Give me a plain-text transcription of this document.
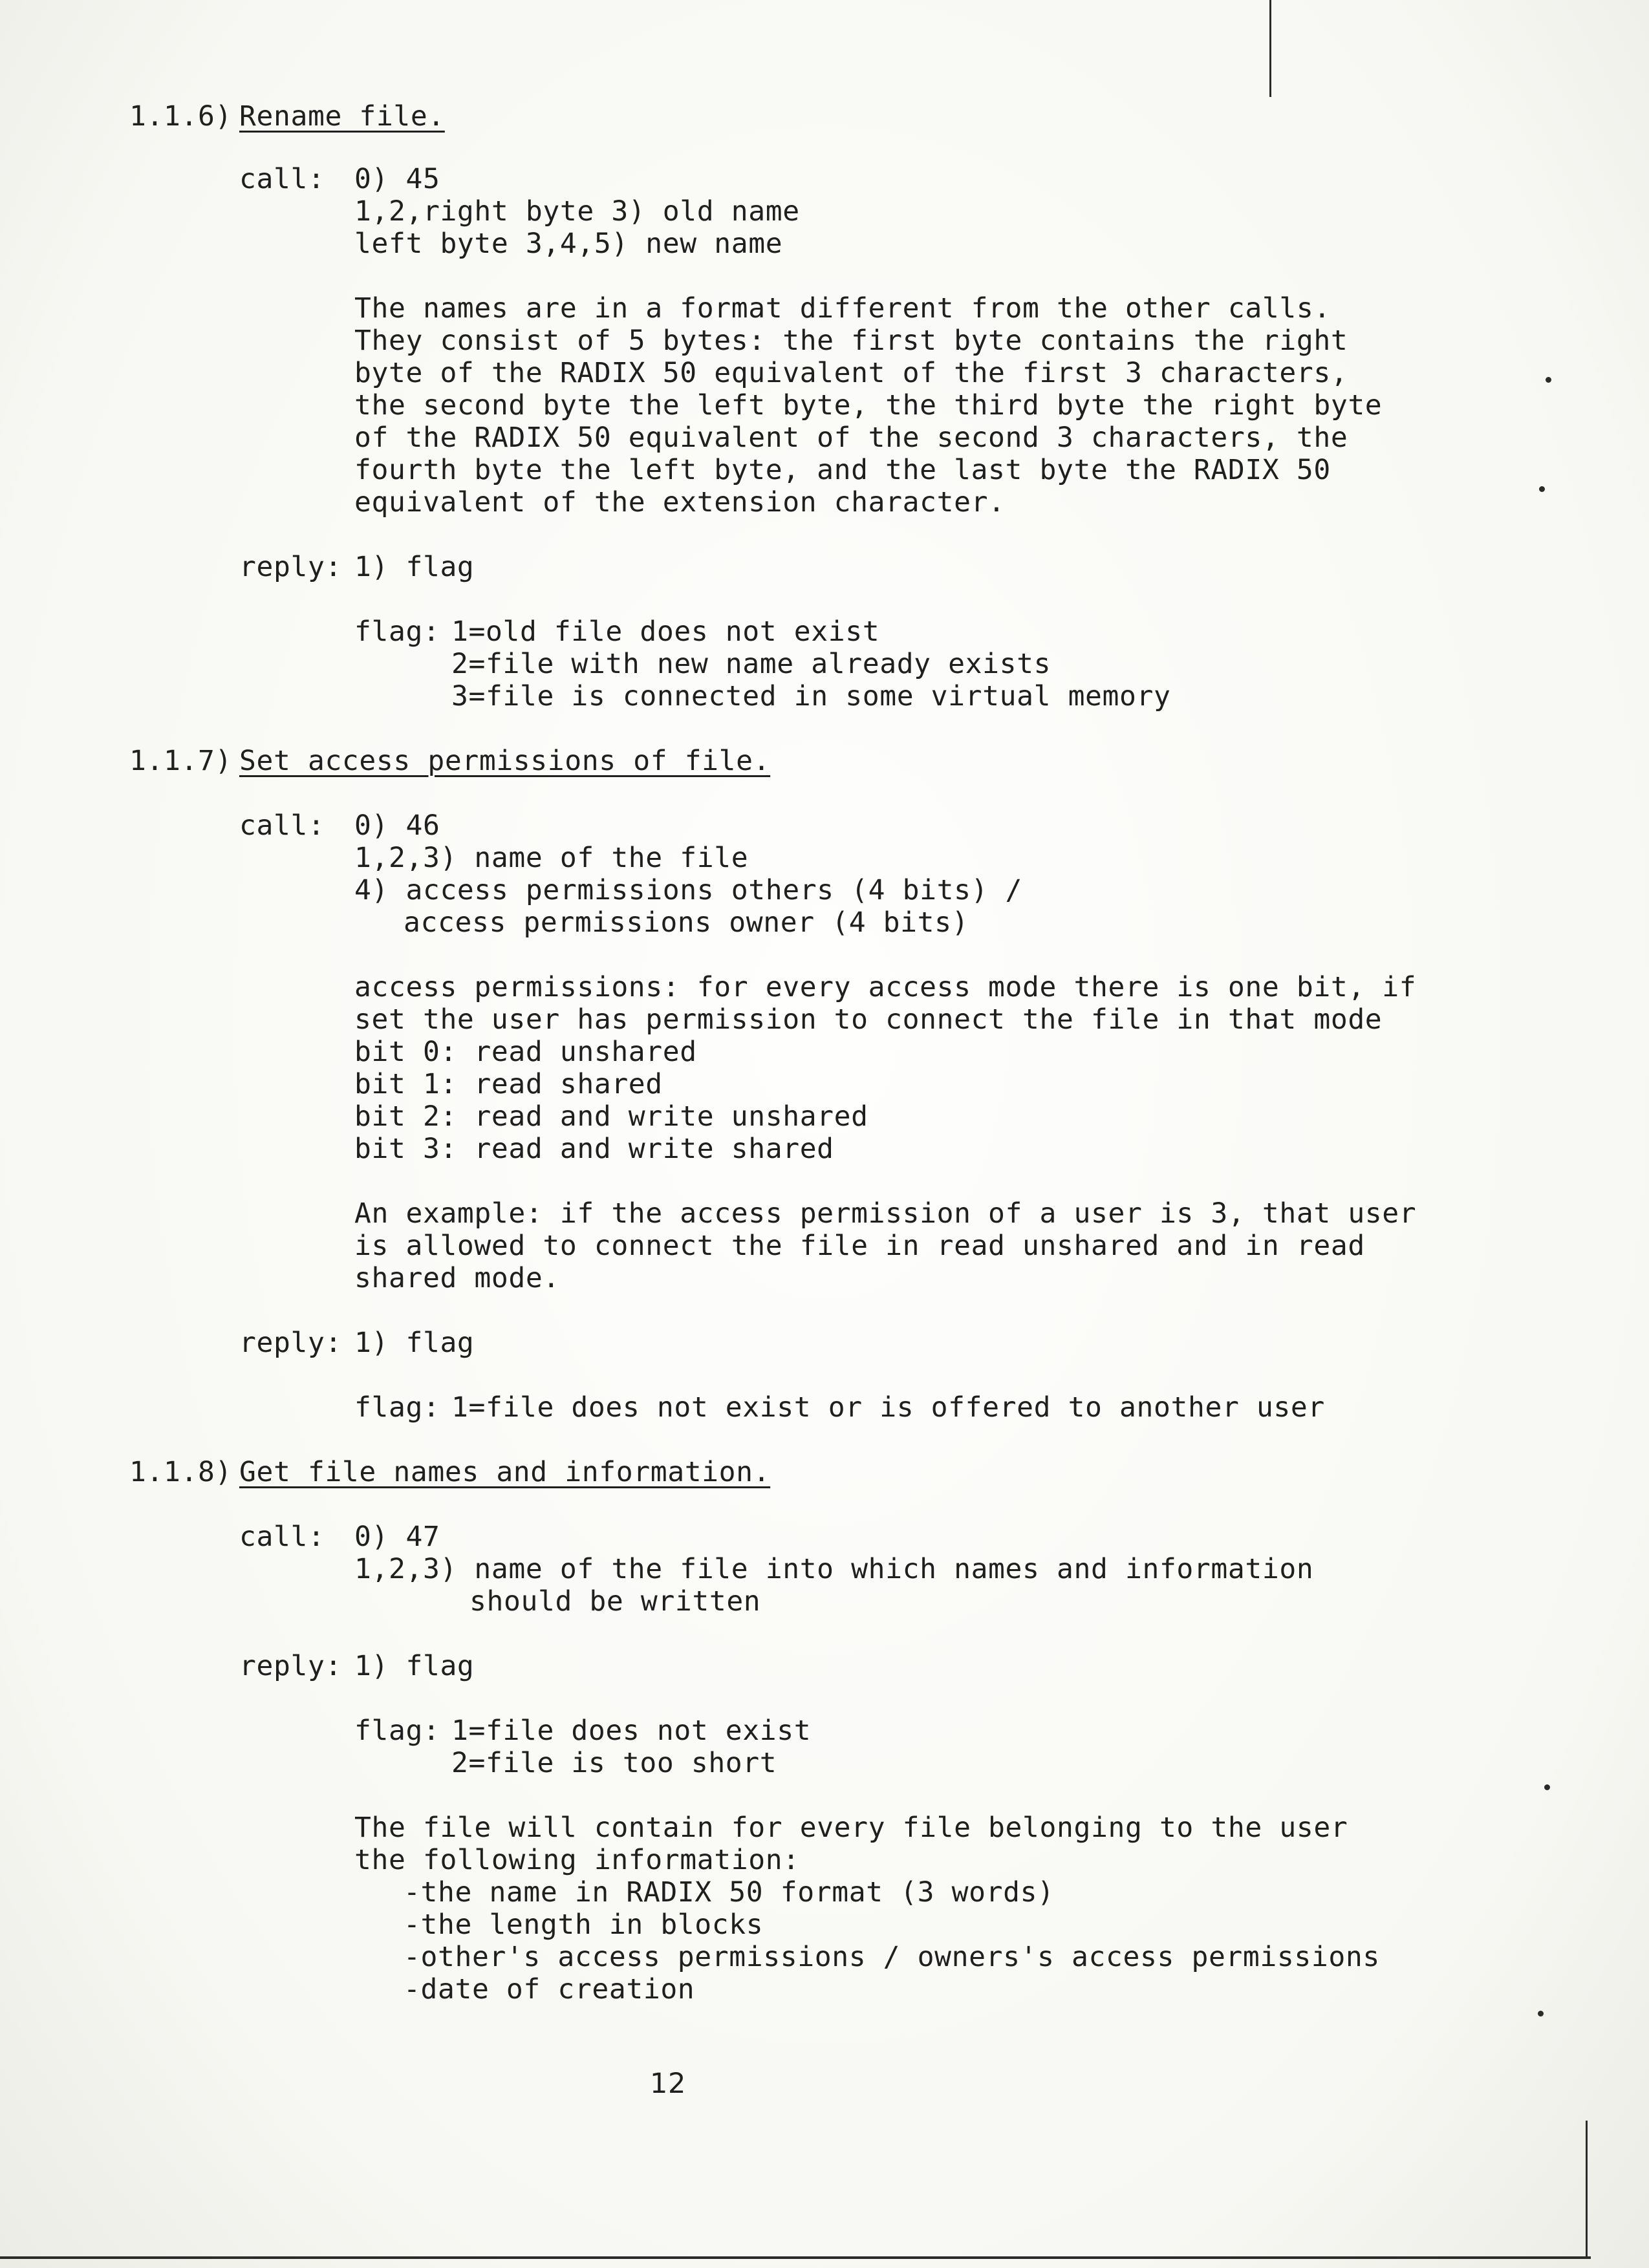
1.1.6) Rename file.
call: 0) 45
1,2,right byte 3) old name
left byte 3,4,5) new name
The names are in a format different from the other calls.
They consist of 5 bytes: the first byte contains the right
byte of the RADIX 50 equivalent of the first 3 characters,
the second byte the left byte, the third byte the right byte
of the RADIX 50 equivalent of the second 3 characters, the
fourth byte the left byte, and the last byte the RADIX 50
equivalent of the extension character.
reply: 1) flag
flag: 1=old file does not exist
2=file with new name already exists
3=file is connected in some virtual memory
1.1.7) Set access permissions of file.
call: 0) 46
1,2,3) name of the file
4) access permissions others (4 bits) /
access permissions owner (4 bits)
access permissions: for every access mode there is one bit, if
set the user has permission to connect the file in that mode
bit 0: read unshared
bit 1: read shared
bit 2: read and write unshared
bit 3: read and write shared
An example: if the access permission of a user is 3, that user
is allowed to connect the file in read unshared and in read
shared mode.
reply: 1) flag
flag: 1=file does not exist or is offered to another user
1.1.8) Get file names and information.
call: 0) 47
1,2,3) name of the file into which names and information
should be written
reply: 1) flag
flag: 1=file does not exist
2=file is too short
The file will contain for every file belonging to the user
the following information:
-the name in RADIX 50 format (3 words)
-the length in blocks
-other's access permissions / owners's access permissions
-date of creation
12
